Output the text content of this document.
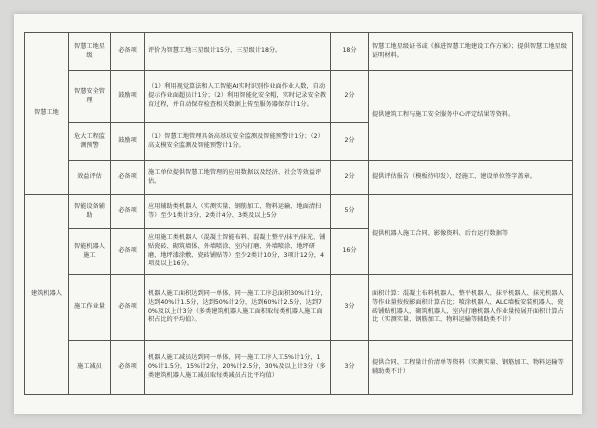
智慧工地	智慧工地星级	必备项	评价为智慧工地三星级计15分、三星级计18分。	18分	智慧工地星级证书或《推进智慧工地建设工作方案》；提供智慧工地星级证明材料。
	智慧安全管理	鼓励项	（1）利用视觉算法和人工智能AI实时识别作业面作业人数，自动提示作业面超员计1分；（2）利用智能化安全帽，实时记录安全教育过程，并自动保存检查相关数据上传至服务器保存计1分。	2分	提供建筑工程与施工安全服务中心评定结果等资料。
	危大工程监测预警	鼓励项	（1）智慧工地管理具备高基坑安全监测及智能预警计1分；（2）高支模安全监测及智能预警计1分。	2分	
	效益评估	必备项	施工单位提供智慧工地管理的应用数据以及经济、社会等效益评估。	2分	提供评估报告（模板待印发），经施工、建设单位签字盖章。
建筑机器人	智能设备辅助	必备项	应用辅助类机器人（实测实量、钢筋加工、物料运输、地面清扫等）至少1类计3分、2类计4分、3类及以上5分	5分	提供机器人施工合同、影像资料、后台运行数据等
	智能机器人施工	必备项	应用施工类机器人（混凝土智能布料、混凝土整平/抹平/抹光、铺贴瓷砖、砌筑墙体、外墙喷涂、室内打磨、外墙喷涂、地坪研磨、地坪漆涂敷、瓷砖铺贴等）至少2类计10分，3项计12分，4项及以上16分。	16分	
	施工作业量	必备项	机器人施工面积达到同一单体、同一施工工序总面积30%计1分，达到40%计1.5分，达到50%计2分，达到60%计2.5分，达到70%及以上计3分（多类建筑机器人施工面积取每类机器人施工面积占比的平均值）。	3分	面积计算：混凝土布料机器人、整平机器人、抹平机器人、抹光机器人等作业量按按影面积计算占比；喷涂机器人、ALC墙板安装机器人、瓷砖铺贴机器人、砌筑机器人、室内打磨机器人作业量按展开面积计算占比（实测实量、钢筋加工、物料运输等辅助类不计）
	施工减员	必备项	机器人施工减员达到同一单体、同一施工工序人工5%计1分，10%计1.5分，15%计2分，20%计2.5分，30%及以上计3分（多类建筑机器人施工减员取每类减员占比平均值）	3分	提供合同、工程量计价清单等资料（实测实量、钢筋加工、物料运输等辅助类不计）
